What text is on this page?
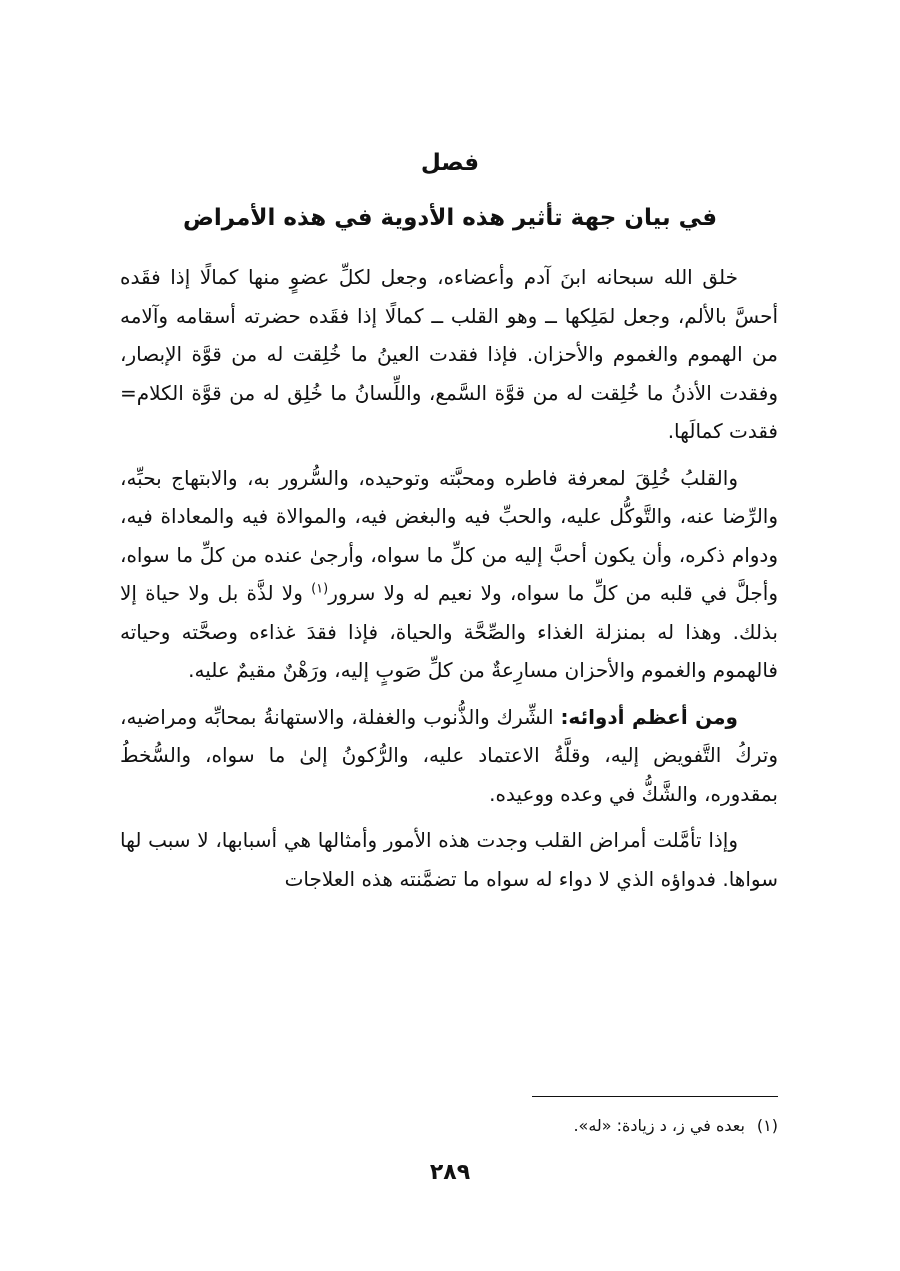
فصل
في بيان جهة تأثير هذه الأدوية في هذه الأمراض

خلق الله سبحانه ابنَ آدم وأعضاءه، وجعل لكلِّ عضوٍ منها كمالًا إذا فقَده أحسَّ بالألم، وجعل لمَلِكها ــ وهو القلب ــ كمالًا إذا فقَده حضرته أسقامه وآلامه من الهموم والغموم والأحزان. فإذا فقدت العينُ ما خُلِقت له من قوَّة الإبصار، وفقدت الأذنُ ما خُلِقت له من قوَّة السَّمع، واللِّسانُ ما خُلِق له من قوَّة الكلام= فقدت كمالَها.

والقلبُ خُلِقَ لمعرفة فاطره ومحبَّته وتوحيده، والسُّرور به، والابتهاج بحبِّه، والرِّضا عنه، والتَّوكُّل عليه، والحبِّ فيه والبغض فيه، والموالاة فيه والمعاداة فيه، ودوام ذكره، وأن يكون أحبَّ إليه من كلِّ ما سواه، وأرجىٰ عنده من كلِّ ما سواه، وأجلَّ في قلبه من كلِّ ما سواه، ولا نعيم له ولا سرور$^{(١)}$ ولا لذَّة بل ولا حياة إلا بذلك. وهذا له بمنزلة الغذاء والصِّحَّة والحياة، فإذا فقدَ غذاءه وصحَّته وحياته فالهموم والغموم والأحزان مسارِعةٌ من كلِّ صَوبٍ إليه، ورَهْنٌ مقيمٌ عليه.

ومن أعظم أدوائه: الشِّرك والذُّنوب والغفلة، والاستهانةُ بمحابِّه ومراضيه، وتركُ التَّفويض إليه، وقلَّةُ الاعتماد عليه، والرُّكونُ إلىٰ ما سواه، والسُّخطُ بمقدوره، والشَّكُّ في وعده ووعيده.

وإذا تأمَّلت أمراض القلب وجدت هذه الأمور وأمثالها هي أسبابها، لا سبب لها سواها. فدواؤه الذي لا دواء له سواه ما تضمَّنته هذه العلاجات

(١)بعده في ز، د زيادة: «له».
٢٨٩
